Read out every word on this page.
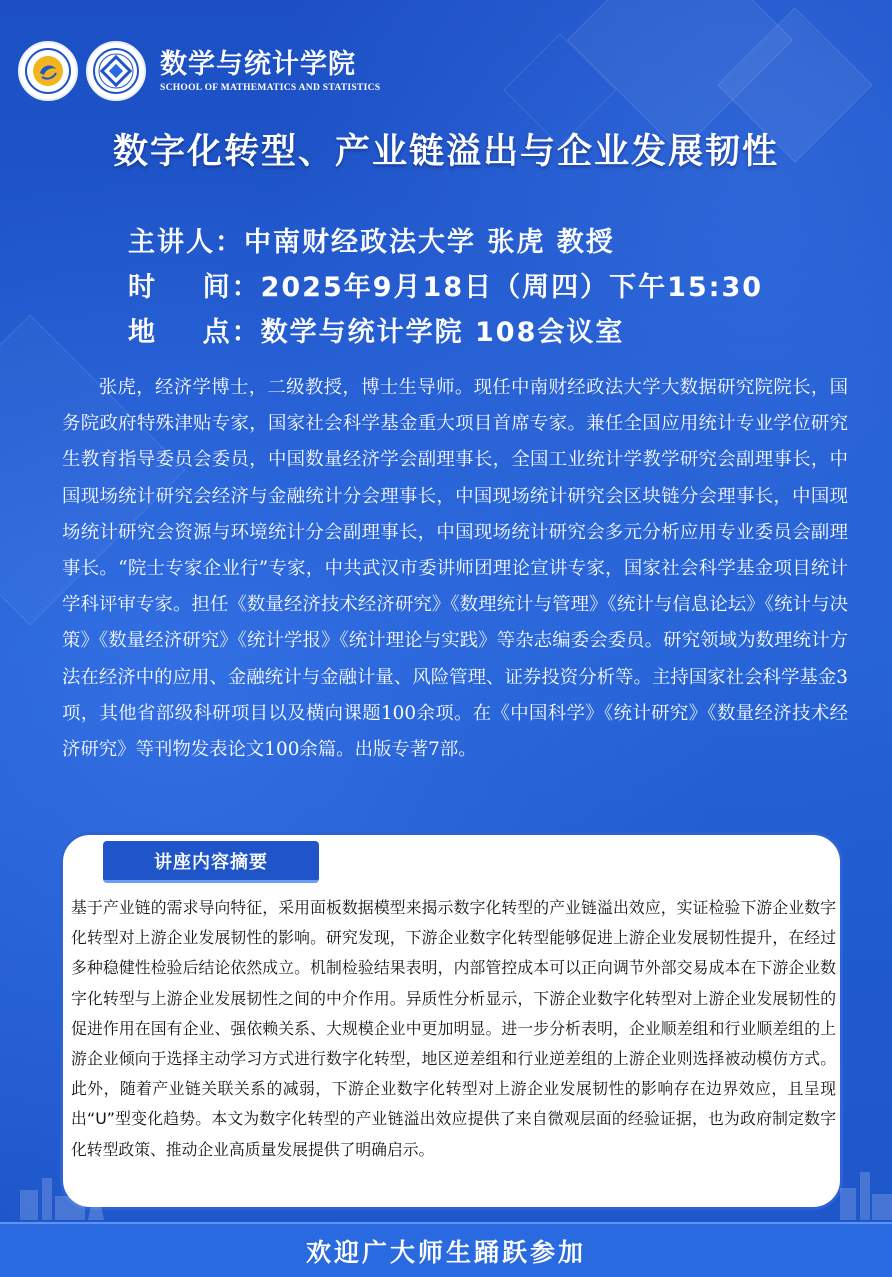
数学与统计学院
SCHOOL OF MATHEMATICS AND STATISTICS
数字化转型、产业链溢出与企业发展韧性
主讲人：中南财经政法大学 张虎 教授
时    间：2025年9月18日（周四）下午15:30
地    点：数学与统计学院 108会议室
张虎，经济学博士，二级教授，博士生导师。现任中南财经政法大学大数据研究院院长，国务院政府特殊津贴专家，国家社会科学基金重大项目首席专家。兼任全国应用统计专业学位研究生教育指导委员会委员，中国数量经济学会副理事长，全国工业统计学教学研究会副理事长，中国现场统计研究会经济与金融统计分会理事长，中国现场统计研究会区块链分会理事长，中国现场统计研究会资源与环境统计分会副理事长，中国现场统计研究会多元分析应用专业委员会副理事长。“院士专家企业行”专家，中共武汉市委讲师团理论宣讲专家，国家社会科学基金项目统计学科评审专家。担任《数量经济技术经济研究》《数理统计与管理》《统计与信息论坛》《统计与决策》《数量经济研究》《统计学报》《统计理论与实践》等杂志编委会委员。研究领域为数理统计方法在经济中的应用、金融统计与金融计量、风险管理、证券投资分析等。主持国家社会科学基金3项，其他省部级科研项目以及横向课题100余项。在《中国科学》《统计研究》《数量经济技术经济研究》等刊物发表论文100余篇。出版专著7部。
讲座内容摘要
基于产业链的需求导向特征，采用面板数据模型来揭示数字化转型的产业链溢出效应，实证检验下游企业数字化转型对上游企业发展韧性的影响。研究发现，下游企业数字化转型能够促进上游企业发展韧性提升，在经过多种稳健性检验后结论依然成立。机制检验结果表明，内部管控成本可以正向调节外部交易成本在下游企业数字化转型与上游企业发展韧性之间的中介作用。异质性分析显示，下游企业数字化转型对上游企业发展韧性的促进作用在国有企业、强依赖关系、大规模企业中更加明显。进一步分析表明，企业顺差组和行业顺差组的上游企业倾向于选择主动学习方式进行数字化转型，地区逆差组和行业逆差组的上游企业则选择被动模仿方式。此外，随着产业链关联关系的减弱，下游企业数字化转型对上游企业发展韧性的影响存在边界效应，且呈现出“U”型变化趋势。本文为数字化转型的产业链溢出效应提供了来自微观层面的经验证据，也为政府制定数字化转型政策、推动企业高质量发展提供了明确启示。
欢迎广大师生踊跃参加
